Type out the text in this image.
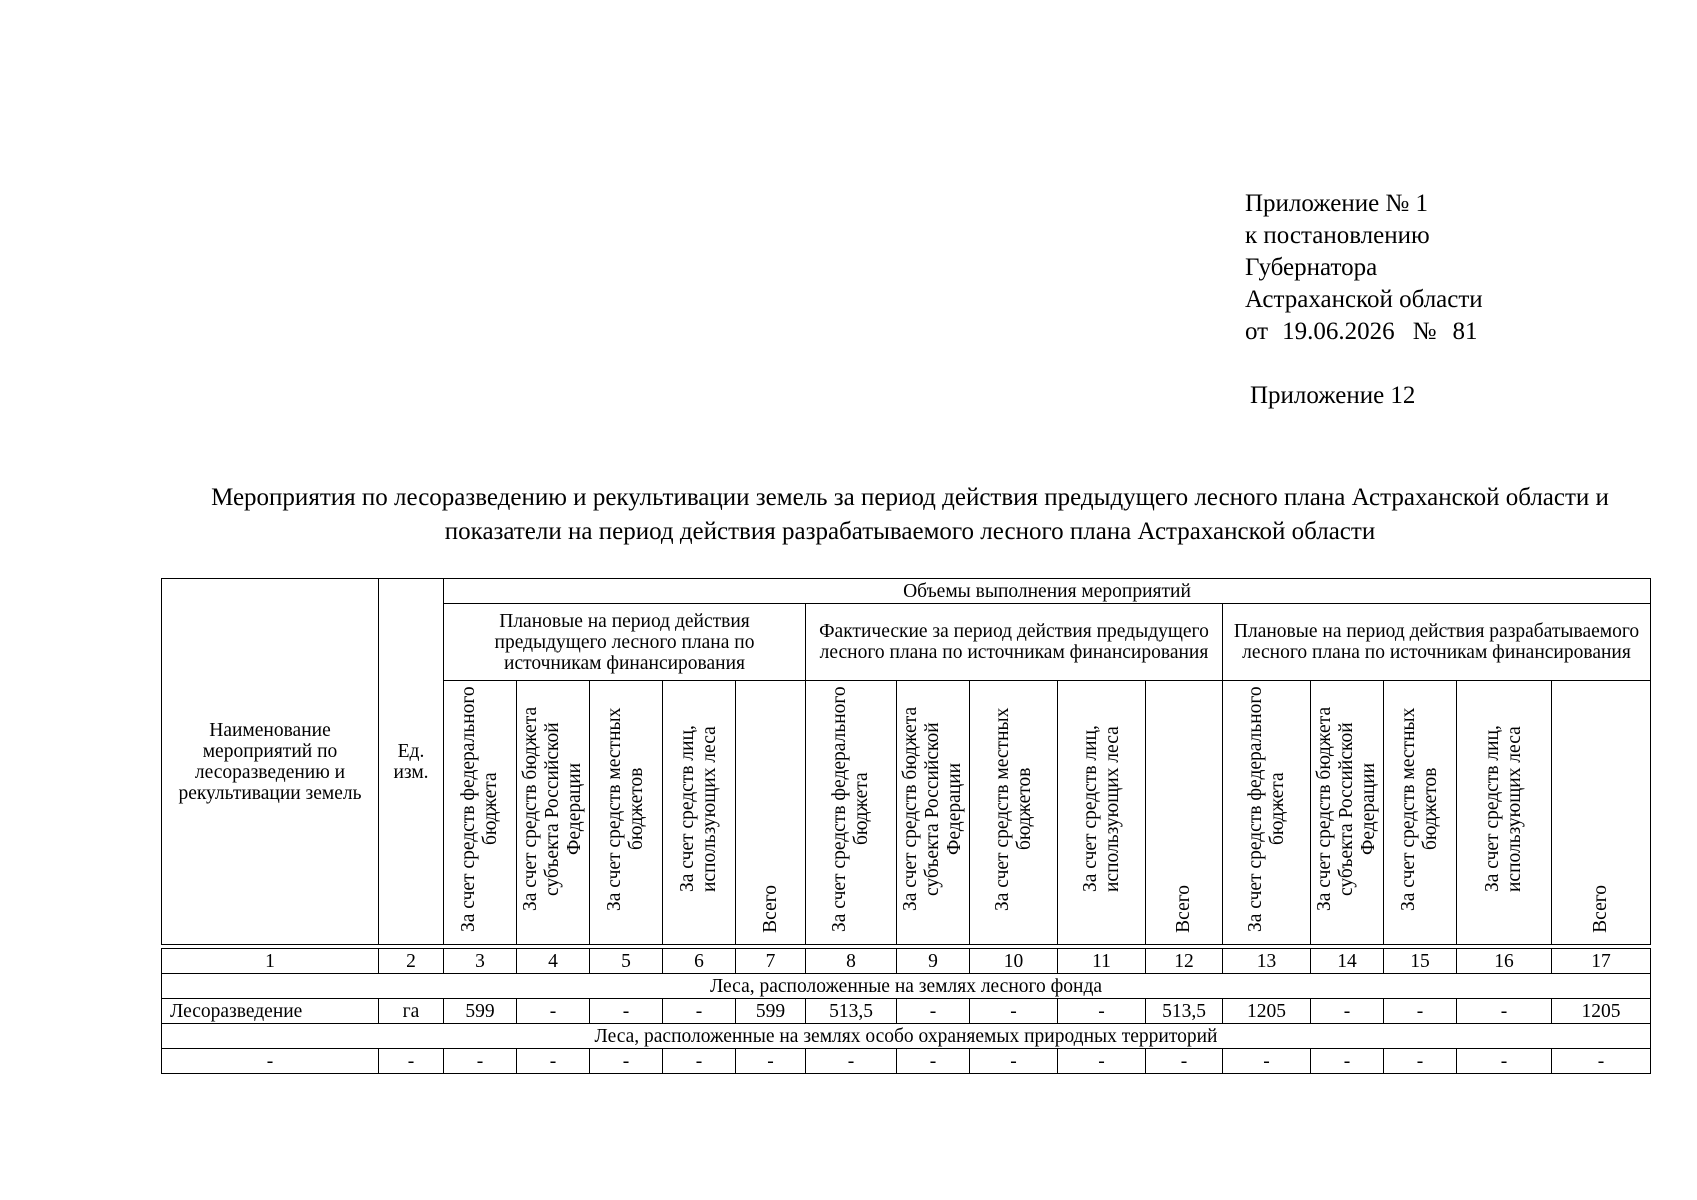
Приложение № 1
к постановлению
Губернатора
Астраханской области
от 19.06.2026 № 81
Приложение 12
Мероприятия по лесоразведению и рекультивации земель за период действия предыдущего лесного плана Астраханской области и показатели на период действия разрабатываемого лесного плана Астраханской области
Наименование мероприятий по лесоразведению и рекультивации земель	Ед. изм.	Объемы выполнения мероприятий														
		Плановые на период действия предыдущего лесного плана по источникам финансирования					Фактические за период действия предыдущего лесного плана по источникам финансирования					Плановые на период действия разрабатываемого лесного плана по источникам финансирования				
		За счет средств федерального бюджета	За счет средств бюджета субъекта Российской Федерации	За счет средств местных бюджетов	За счет средств лиц, использующих леса	Всего	За счет средств федерального бюджета	За счет средств бюджета субъекта Российской Федерации	За счет средств местных бюджетов	За счет средств лиц, использующих леса	Всего	За счет средств федерального бюджета	За счет средств бюджета субъекта Российской Федерации	За счет средств местных бюджетов	За счет средств лиц, использующих леса	Всего

1	2	3	4	5	6	7	8	9	10	11	12	13	14	15	16	17
Леса, расположенные на землях лесного фонда																
Лесоразведение	га	599	-	-	-	599	513,5	-	-	-	513,5	1205	-	-	-	1205
Леса, расположенные на землях особо охраняемых природных территорий																
-	-	-	-	-	-	-	-	-	-	-	-	-	-	-	-	-
